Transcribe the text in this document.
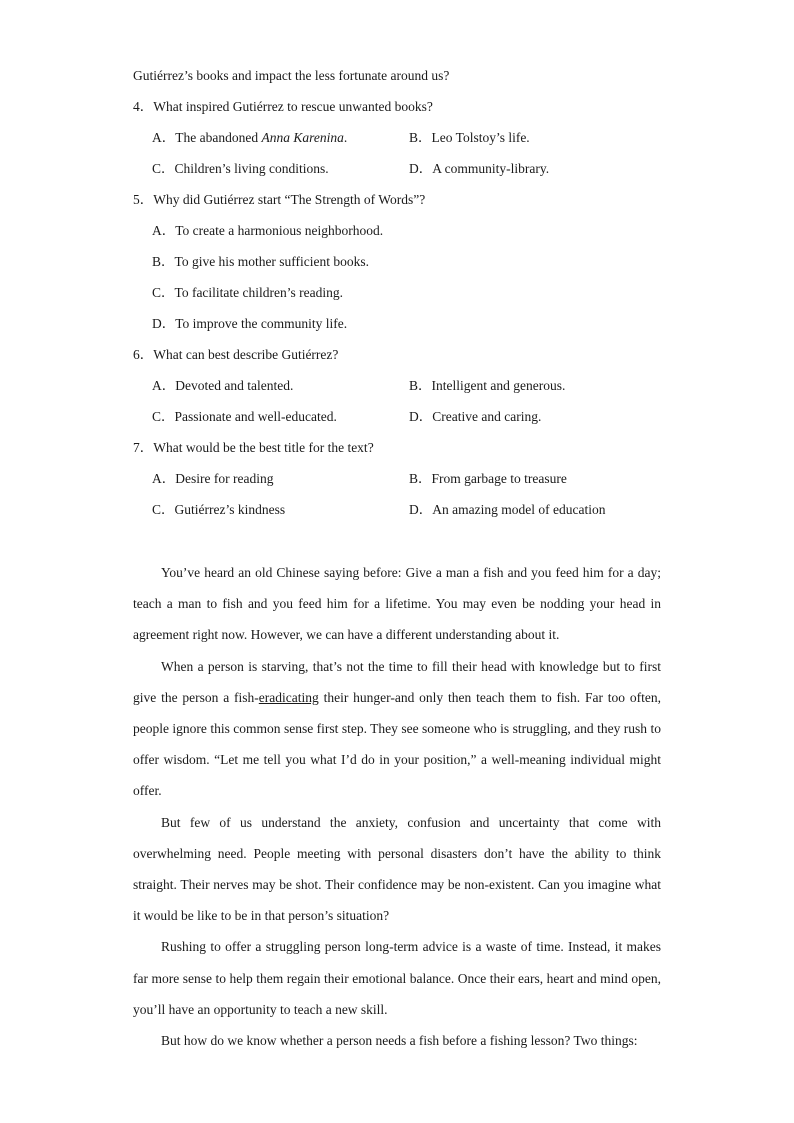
Gutiérrez’s books and impact the less fortunate around us?
4．What inspired Gutiérrez to rescue unwanted books?
A．The abandoned Anna Karenina.	B．Leo Tolstoy’s life.
C．Children’s living conditions.	D．A community-library.
5．Why did Gutiérrez start “The Strength of Words”?
A．To create a harmonious neighborhood.
B．To give his mother sufficient books.
C．To facilitate children’s reading.
D．To improve the community life.
6．What can best describe Gutiérrez?
A．Devoted and talented.	B．Intelligent and generous.
C．Passionate and well-educated.	D．Creative and caring.
7．What would be the best title for the text?
A．Desire for reading	B．From garbage to treasure
C．Gutiérrez’s kindness	D．An amazing model of education

You’ve heard an old Chinese saying before: Give a man a fish and you feed him for a day; teach a man to fish and you feed him for a lifetime. You may even be nodding your head in agreement right now. However, we can have a different understanding about it.

When a person is starving, that’s not the time to fill their head with knowledge but to first give the person a fish-eradicating their hunger-and only then teach them to fish. Far too often, people ignore this common sense first step. They see someone who is struggling, and they rush to offer wisdom. “Let me tell you what I’d do in your position,” a well-meaning individual might offer.

But few of us understand the anxiety, confusion and uncertainty that come with overwhelming need. People meeting with personal disasters don’t have the ability to think straight. Their nerves may be shot. Their confidence may be non-existent. Can you imagine what it would be like to be in that person’s situation?

Rushing to offer a struggling person long-term advice is a waste of time. Instead, it makes far more sense to help them regain their emotional balance. Once their ears, heart and mind open, you’ll have an opportunity to teach a new skill.

But how do we know whether a person needs a fish before a fishing lesson? Two things:
